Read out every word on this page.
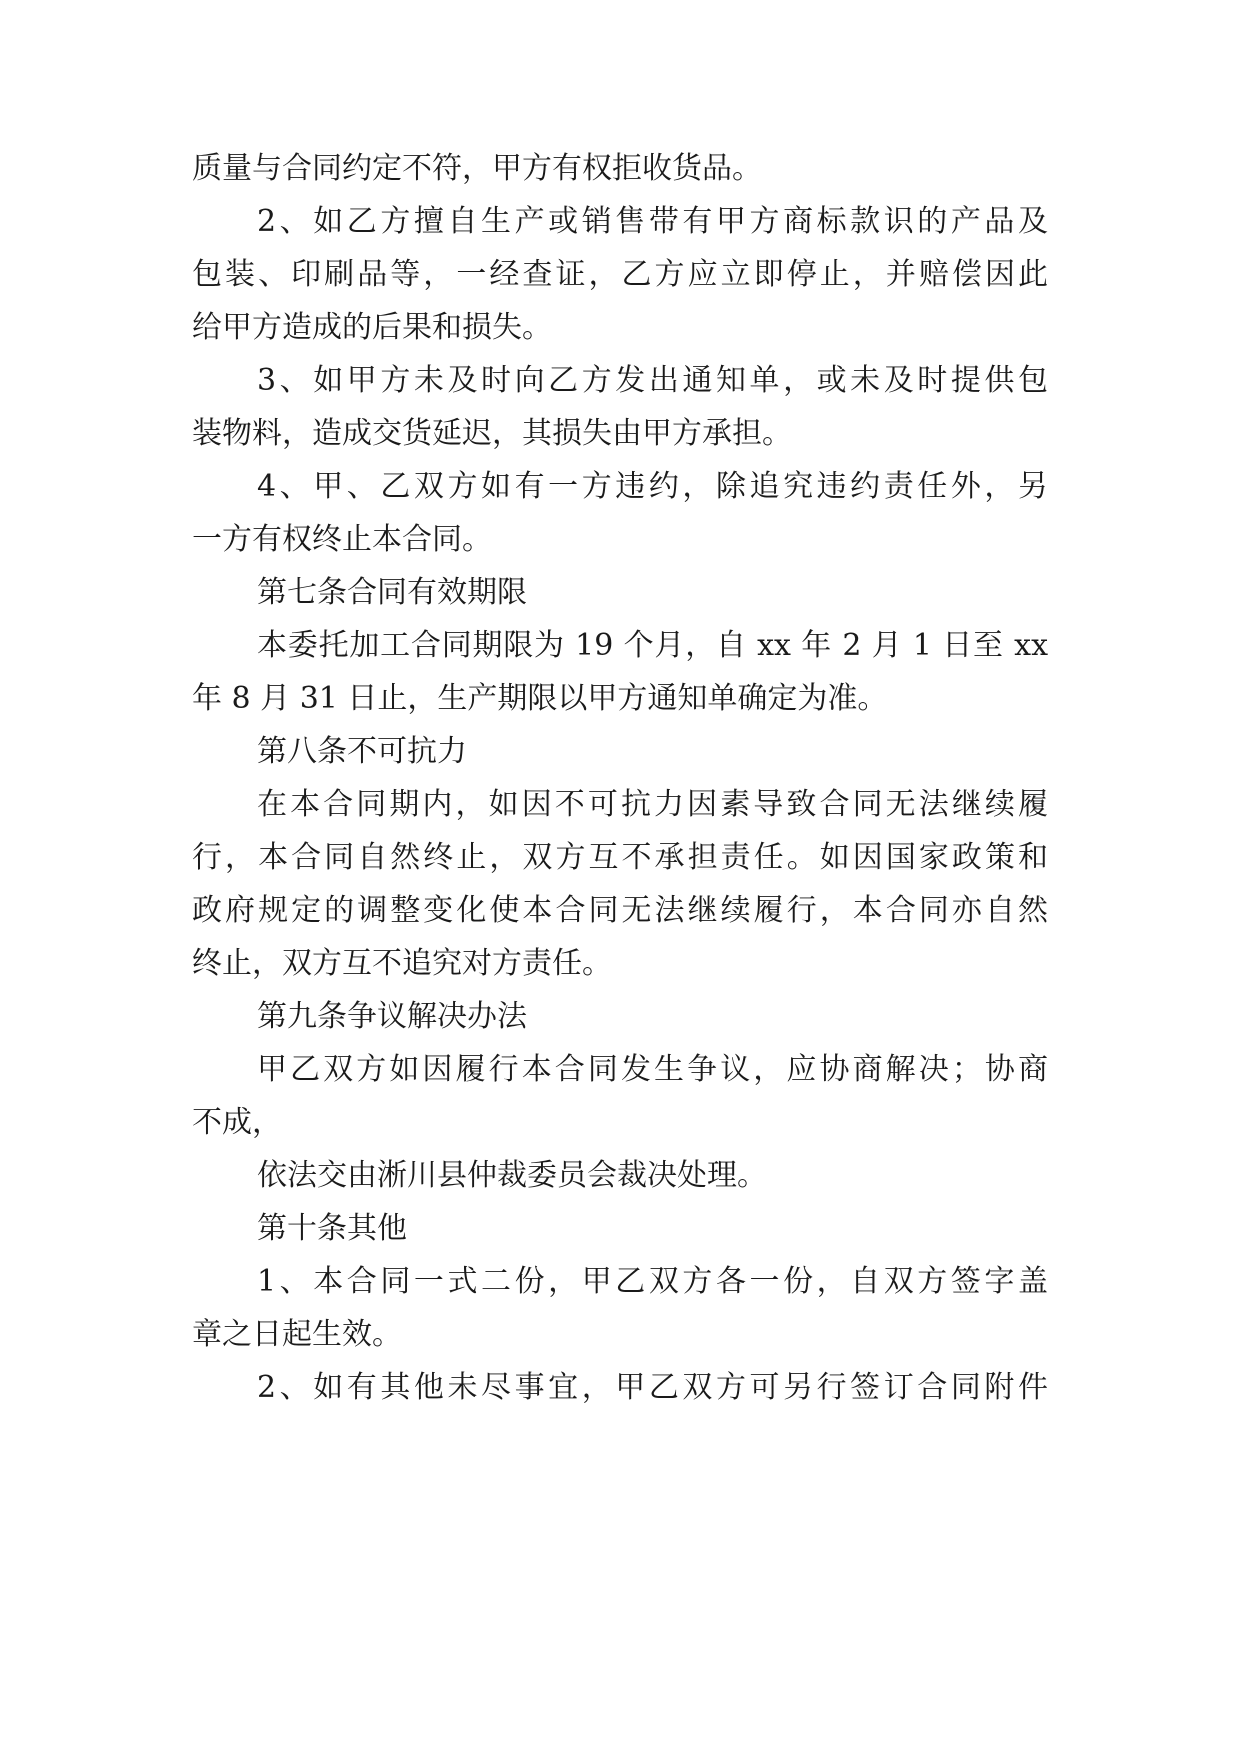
质量与合同约定不符，甲方有权拒收货品。
2、如乙方擅自生产或销售带有甲方商标款识的产品及
包装、印刷品等，一经查证，乙方应立即停止，并赔偿因此
给甲方造成的后果和损失。
3、如甲方未及时向乙方发出通知单，或未及时提供包
装物料，造成交货延迟，其损失由甲方承担。
4、甲、乙双方如有一方违约，除追究违约责任外，另
一方有权终止本合同。
第七条合同有效期限
本委托加工合同期限为 19 个月，自 xx 年 2 月 1 日至 xx
年 8 月 31 日止，生产期限以甲方通知单确定为准。
第八条不可抗力
在本合同期内，如因不可抗力因素导致合同无法继续履
行，本合同自然终止，双方互不承担责任。如因国家政策和
政府规定的调整变化使本合同无法继续履行，本合同亦自然
终止，双方互不追究对方责任。
第九条争议解决办法
甲乙双方如因履行本合同发生争议，应协商解决；协商
不成，
依法交由淅川县仲裁委员会裁决处理。
第十条其他
1、本合同一式二份，甲乙双方各一份，自双方签字盖
章之日起生效。
2、如有其他未尽事宜，甲乙双方可另行签订合同附件
